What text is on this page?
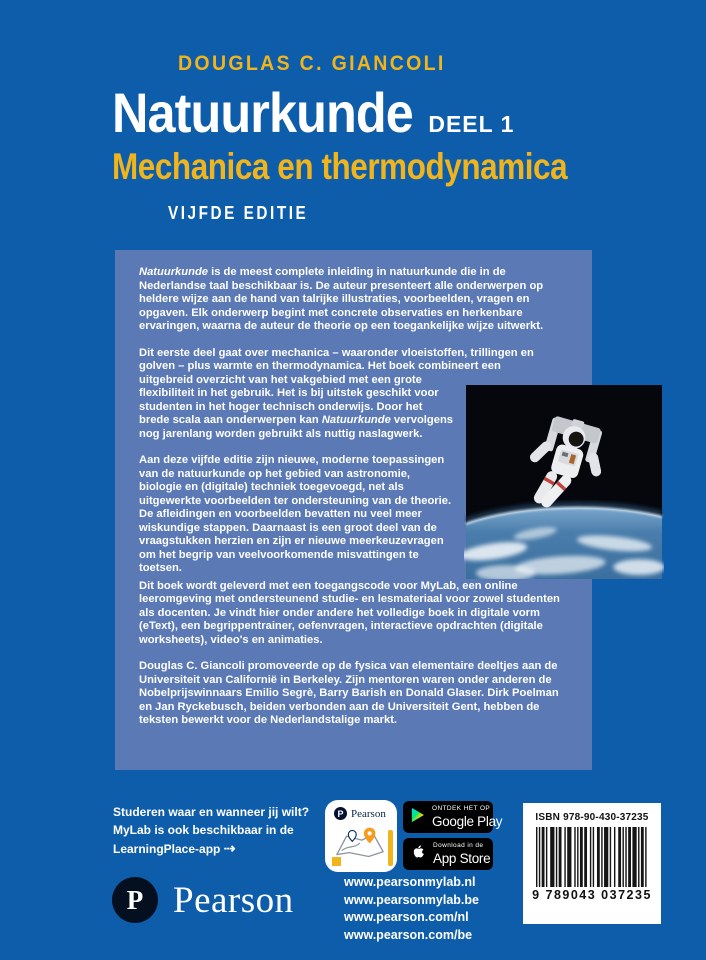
DOUGLAS C. GIANCOLI
Natuurkunde DEEL 1
Mechanica en thermodynamica
VIJFDE EDITIE

Natuurkunde is de meest complete inleiding in natuurkunde die in de Nederlandse taal beschikbaar is. De auteur presenteert alle onderwerpen op heldere wijze aan de hand van talrijke illustraties, voorbeelden, vragen en opgaven. Elk onderwerp begint met concrete observaties en herkenbare ervaringen, waarna de auteur de theorie op een toegankelijke wijze uitwerkt.

Dit eerste deel gaat over mechanica – waaronder vloeistoffen, trillingen en golven – plus warmte en thermodynamica. Het boek combineert een

uitgebreid overzicht van het vakgebied met een grote flexibiliteit in het gebruik. Het is bij uitstek geschikt voor studenten in het hoger technisch onderwijs. Door het brede scala aan onderwerpen kan Natuurkunde vervolgens nog jarenlang worden gebruikt als nuttig naslagwerk.

Aan deze vijfde editie zijn nieuwe, moderne toepassingen van de natuurkunde op het gebied van astronomie, biologie en (digitale) techniek toegevoegd, net als uitgewerkte voorbeelden ter ondersteuning van de theorie. De afleidingen en voorbeelden bevatten nu veel meer wiskundige stappen. Daarnaast is een groot deel van de vraagstukken herzien en zijn er nieuwe meerkeuzevragen om het begrip van veelvoorkomende misvattingen te toetsen.

Dit boek wordt geleverd met een toegangscode voor MyLab, een online leeromgeving met ondersteunend studie- en lesmateriaal voor zowel studenten als docenten. Je vindt hier onder andere het volledige boek in digitale vorm (eText), een begrippentrainer, oefenvragen, interactieve opdrachten (digitale worksheets), video's en animaties.

Douglas C. Giancoli promoveerde op de fysica van elementaire deeltjes aan de Universiteit van Californië in Berkeley. Zijn mentoren waren onder anderen de Nobelprijswinnaars Emilio Segrè, Barry Barish en Donald Glaser. Dirk Poelman en Jan Ryckebusch, beiden verbonden aan de Universiteit Gent, hebben de teksten bewerkt voor de Nederlandstalige markt.

Studeren waar en wanneer jij wilt?
MyLab is ook beschikbaar in de
LearningPlace-app ⇢
P Pearson	ONTDEK HET OP
Google Play
Download in de
App Store
ISBN 978-90-430-37235
9 789043 037235
P Pearson	www.pearsonmylab.nl
www.pearsonmylab.be
www.pearson.com/nl
www.pearson.com/be
